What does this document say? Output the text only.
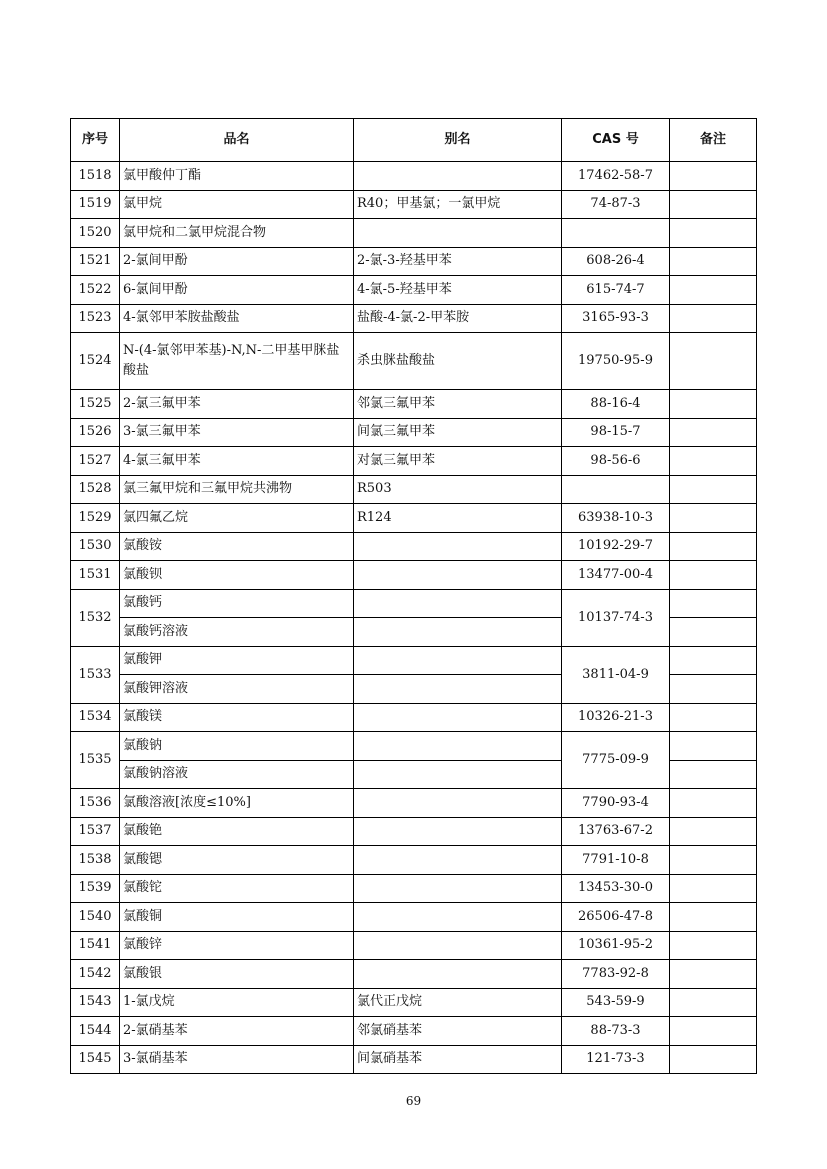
序号	品名	别名	CAS 号	备注
1518	氯甲酸仲丁酯		17462-58-7	
1519	氯甲烷	R40；甲基氯；一氯甲烷	74-87-3	
1520	氯甲烷和二氯甲烷混合物			
1521	2-氯间甲酚	2-氯-3-羟基甲苯	608-26-4	
1522	6-氯间甲酚	4-氯-5-羟基甲苯	615-74-7	
1523	4-氯邻甲苯胺盐酸盐	盐酸-4-氯-2-甲苯胺	3165-93-3	
1524	N-(4-氯邻甲苯基)-N,N-二甲基甲脒盐酸盐	杀虫脒盐酸盐	19750-95-9	
1525	2-氯三氟甲苯	邻氯三氟甲苯	88-16-4	
1526	3-氯三氟甲苯	间氯三氟甲苯	98-15-7	
1527	4-氯三氟甲苯	对氯三氟甲苯	98-56-6	
1528	氯三氟甲烷和三氟甲烷共沸物	R503		
1529	氯四氟乙烷	R124	63938-10-3	
1530	氯酸铵		10192-29-7	
1531	氯酸钡		13477-00-4	
1532	氯酸钙		10137-74-3	
	氯酸钙溶液			
1533	氯酸钾		3811-04-9	
	氯酸钾溶液			
1534	氯酸镁		10326-21-3	
1535	氯酸钠		7775-09-9	
	氯酸钠溶液			
1536	氯酸溶液[浓度≤10%]		7790-93-4	
1537	氯酸铯		13763-67-2	
1538	氯酸锶		7791-10-8	
1539	氯酸铊		13453-30-0	
1540	氯酸铜		26506-47-8	
1541	氯酸锌		10361-95-2	
1542	氯酸银		7783-92-8	
1543	1-氯戊烷	氯代正戊烷	543-59-9	
1544	2-氯硝基苯	邻氯硝基苯	88-73-3	
1545	3-氯硝基苯	间氯硝基苯	121-73-3	
69
